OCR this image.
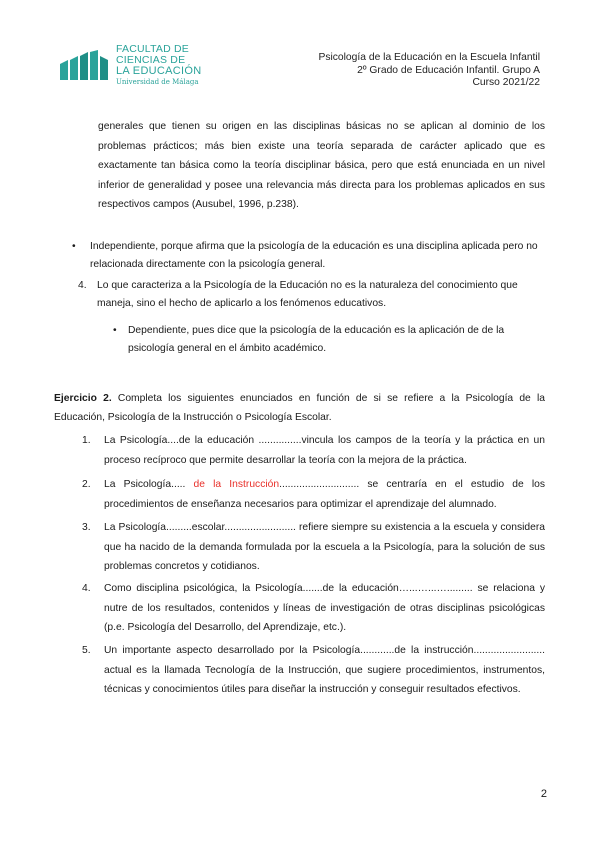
FACULTAD DE
CIENCIAS DE
LA EDUCACIÓN
Universidad de Málaga
Psicología de la Educación en la Escuela Infantil
2º Grado de Educación Infantil. Grupo A
Curso 2021/22
generales que tienen su origen en las disciplinas básicas no se aplican al dominio de los problemas prácticos; más bien existe una teoría separada de carácter aplicado que es exactamente tan básica como la teoría disciplinar básica, pero que está enunciada en un nivel inferior de generalidad y posee una relevancia más directa para los problemas aplicados en sus respectivos campos (Ausubel, 1996, p.238).
• Independiente, porque afirma que la psicología de la educación es una disciplina aplicada pero no relacionada directamente con la psicología general.
4. Lo que caracteriza a la Psicología de la Educación no es la naturaleza del conocimiento que maneja, sino el hecho de aplicarlo a los fenómenos educativos.
• Dependiente, pues dice que la psicología de la educación es la aplicación de de la psicología general en el ámbito académico.
Ejercicio 2. Completa los siguientes enunciados en función de si se refiere a la Psicología de la Educación, Psicología de la Instrucción o Psicología Escolar.
1. La Psicología....de la educación ...............vincula los campos de la teoría y la práctica en un proceso recíproco que permite desarrollar la teoría con la mejora de la práctica.
2. La Psicología..... de la Instrucción............................ se centraría en el estudio de los procedimientos de enseñanza necesarios para optimizar el aprendizaje del alumnado.
3. La Psicología.........escolar......................... refiere siempre su existencia a la escuela y considera que ha nacido de la demanda formulada por la escuela a la Psicología, para la solución de sus problemas concretos y cotidianos.
4. Como disciplina psicológica, la Psicología.......de la educación…...…...…......... se relaciona y nutre de los resultados, contenidos y líneas de investigación de otras disciplinas psicológicas (p.e. Psicología del Desarrollo, del Aprendizaje, etc.).
5. Un importante aspecto desarrollado por la Psicología............de la instrucción......................... actual es la llamada Tecnología de la Instrucción, que sugiere procedimientos, instrumentos, técnicas y conocimientos útiles para diseñar la instrucción y conseguir resultados efectivos.
2
